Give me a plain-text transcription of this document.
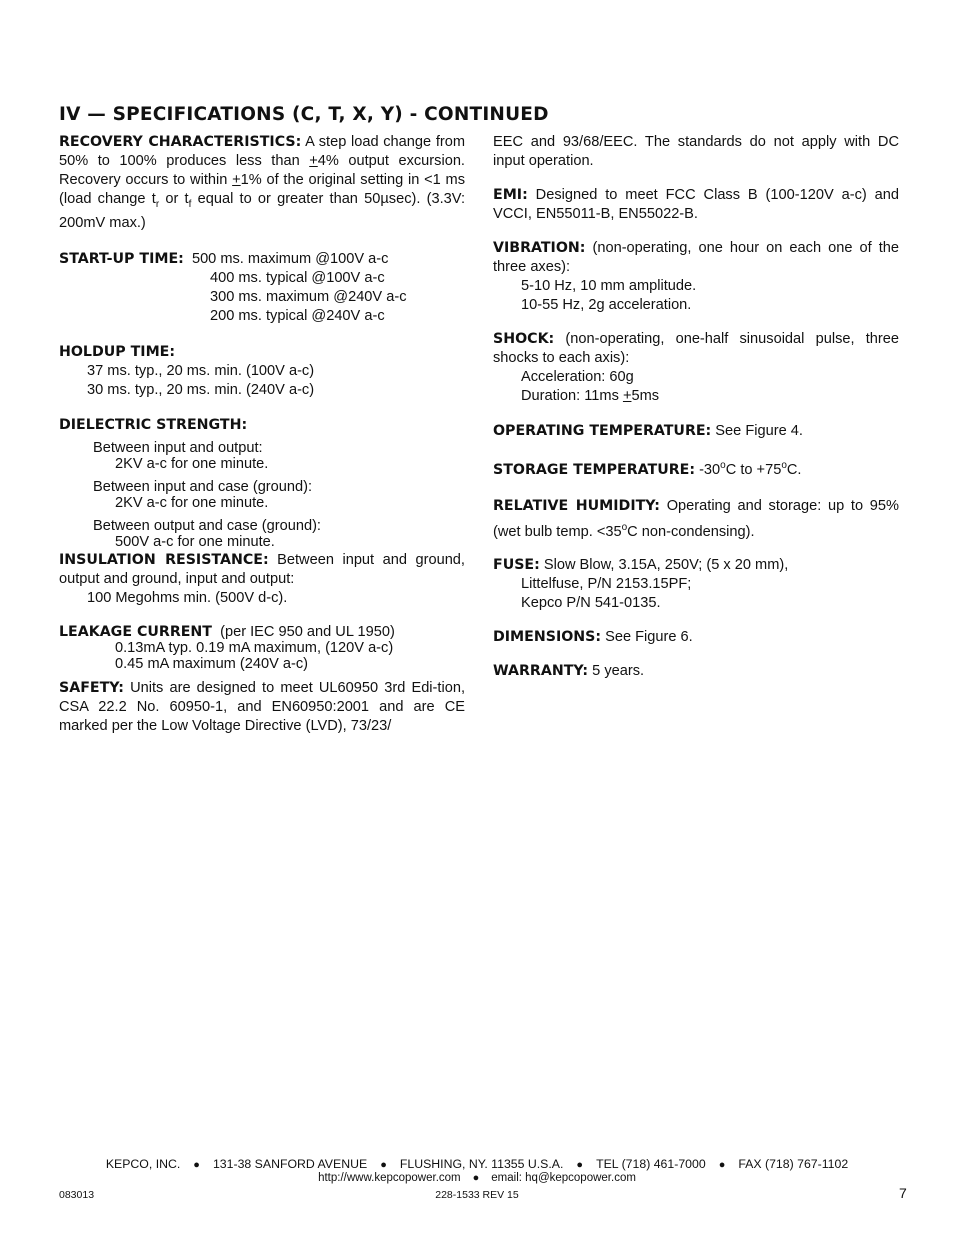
IV — SPECIFICATIONS (C, T, X, Y) - CONTINUED

RECOVERY CHARACTERISTICS: A step load change from 50% to 100% produces less than +4% output excursion. Recovery occurs to within +1% of the original setting in <1 ms (load change $t_r$ or $t_f$ equal to or greater than 50µsec). (3.3V: 200mV max.)

START-UP TIME: 500 ms. maximum @100V a-c
400 ms. typical @100V a-c
300 ms. maximum @240V a-c
200 ms. typical @240V a-c

HOLDUP TIME:
37 ms. typ., 20 ms. min. (100V a-c)
30 ms. typ., 20 ms. min. (240V a-c)

DIELECTRIC STRENGTH:
Between input and output:
2KV a-c for one minute.
Between input and case (ground):
2KV a-c for one minute.
Between output and case (ground):
500V a-c for one minute.

INSULATION RESISTANCE: Between input and ground, output and ground, input and output:
100 Megohms min. (500V d-c).

LEAKAGE CURRENT (per IEC 950 and UL 1950)
0.13mA typ. 0.19 mA maximum, (120V a-c)
0.45 mA maximum (240V a-c)

SAFETY: Units are designed to meet UL60950 3rd Edi-tion, CSA 22.2 No. 60950-1, and EN60950:2001 and are CE marked per the Low Voltage Directive (LVD), 73/23/

EEC and 93/68/EEC. The standards do not apply with DC input operation.

EMI: Designed to meet FCC Class B (100-120V a-c) and VCCI, EN55011-B, EN55022-B.

VIBRATION: (non-operating, one hour on each one of the three axes):
5-10 Hz, 10 mm amplitude.
10-55 Hz, 2g acceleration.

SHOCK: (non-operating, one-half sinusoidal pulse, three shocks to each axis):
Acceleration: 60g
Duration: 11ms +5ms

OPERATING TEMPERATURE: See Figure 4.

STORAGE TEMPERATURE: -30$^o$C to $+75^oC$.

RELATIVE HUMIDITY: Operating and storage: up to 95% (wet bulb temp. $<35^oC$ non-condensing).

FUSE: Slow Blow, 3.15A, 250V; (5 x 20 mm),
Littelfuse, P/N 2153.15PF;
Kepco P/N 541-0135.

DIMENSIONS: See Figure 6.

WARRANTY: 5 years.

KEPCO, INC. ● 131-38 SANFORD AVENUE ● FLUSHING, NY. 11355 U.S.A. ● TEL (718) 461-7000 ● FAX (718) 767-1102
http://www.kepcopower.com ● email: hq@kepcopower.com
083013	228-1533 REV 15	7
